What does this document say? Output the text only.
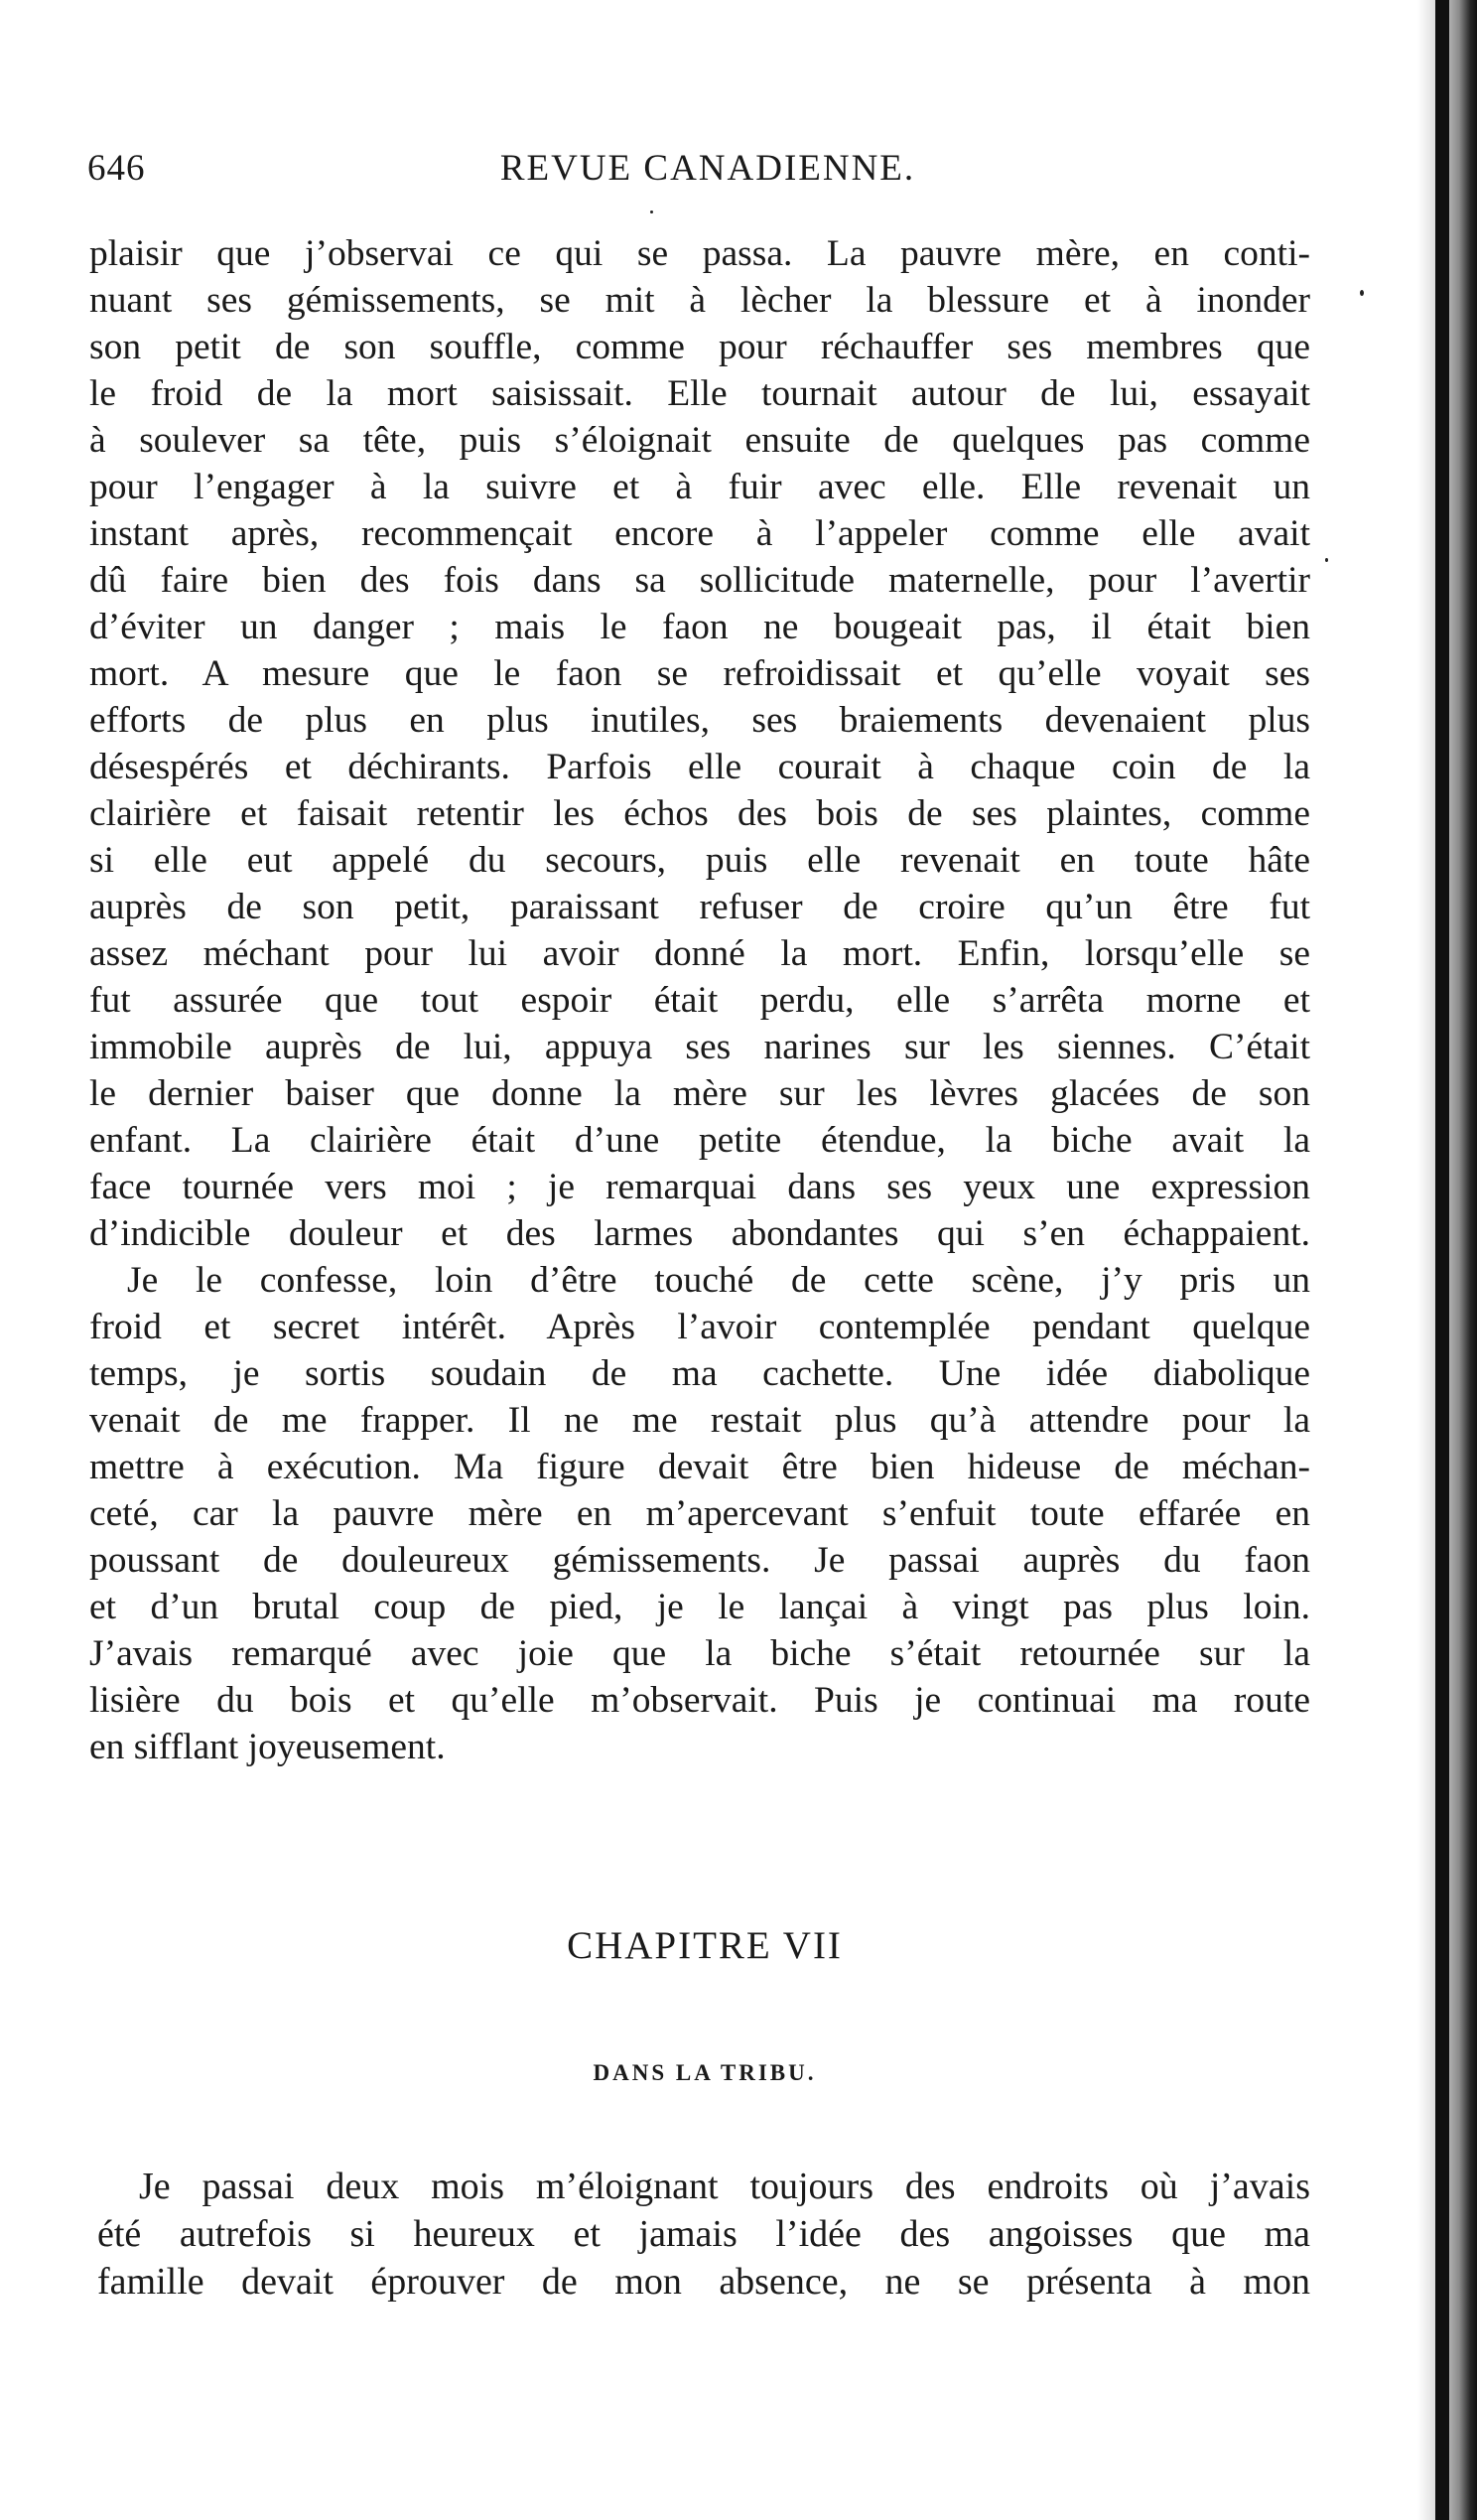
646	REVUE CANADIENNE.
plaisir que j’observai ce qui se passa. La pauvre mère, en conti-
nuant ses gémissements, se mit à lècher la blessure et à inonder
son petit de son souffle, comme pour réchauffer ses membres que
le froid de la mort saisissait. Elle tournait autour de lui, essayait
à soulever sa tête, puis s’éloignait ensuite de quelques pas comme
pour l’engager à la suivre et à fuir avec elle. Elle revenait un
instant après, recommençait encore à l’appeler comme elle avait
dû faire bien des fois dans sa sollicitude maternelle, pour l’avertir
d’éviter un danger ; mais le faon ne bougeait pas, il était bien
mort. A mesure que le faon se refroidissait et qu’elle voyait ses
efforts de plus en plus inutiles, ses braiements devenaient plus
désespérés et déchirants. Parfois elle courait à chaque coin de la
clairière et faisait retentir les échos des bois de ses plaintes, comme
si elle eut appelé du secours, puis elle revenait en toute hâte
auprès de son petit, paraissant refuser de croire qu’un être fut
assez méchant pour lui avoir donné la mort. Enfin, lorsqu’elle se
fut assurée que tout espoir était perdu, elle s’arrêta morne et
immobile auprès de lui, appuya ses narines sur les siennes. C’était
le dernier baiser que donne la mère sur les lèvres glacées de son
enfant. La clairière était d’une petite étendue, la biche avait la
face tournée vers moi ; je remarquai dans ses yeux une expression
d’indicible douleur et des larmes abondantes qui s’en échappaient.
Je le confesse, loin d’être touché de cette scène, j’y pris un
froid et secret intérêt. Après l’avoir contemplée pendant quelque
temps, je sortis soudain de ma cachette. Une idée diabolique
venait de me frapper. Il ne me restait plus qu’à attendre pour la
mettre à exécution. Ma figure devait être bien hideuse de méchan-
ceté, car la pauvre mère en m’apercevant s’enfuit toute effarée en
poussant de douleureux gémissements. Je passai auprès du faon
et d’un brutal coup de pied, je le lançai à vingt pas plus loin.
J’avais remarqué avec joie que la biche s’était retournée sur la
lisière du bois et qu’elle m’observait. Puis je continuai ma route
en sifflant joyeusement.
CHAPITRE VII
DANS LA TRIBU.
Je passai deux mois m’éloignant toujours des endroits où j’avais
été autrefois si heureux et jamais l’idée des angoisses que ma
famille devait éprouver de mon absence, ne se présenta à mon
